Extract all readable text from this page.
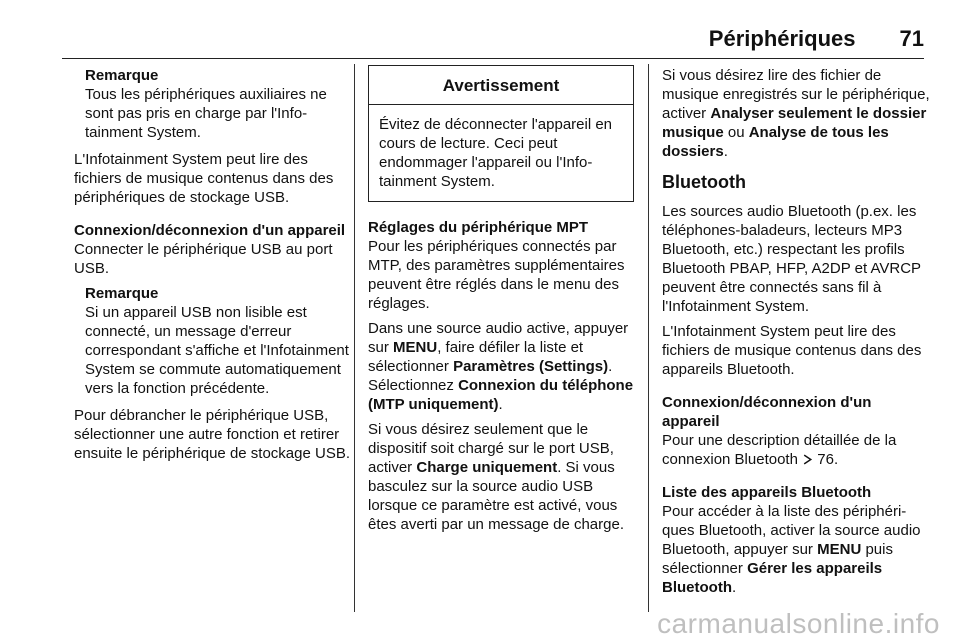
Périphériques 71
Remarque
Tous les périphériques auxiliaires ne sont pas pris en charge par l'Infotainment System.

L'Infotainment System peut lire des fichiers de musique contenus dans des périphériques de stockage USB.

Connexion/déconnexion d'un appareil

Connecter le périphérique USB au port USB.

Remarque
Si un appareil USB non lisible est connecté, un message d'erreur correspondant s'affiche et l'Infotainment System se commute automatiquement vers la fonction précédente.

Pour débrancher le périphérique USB, sélectionner une autre fonction et retirer ensuite le périphérique de stockage USB.

Avertissement
Évitez de déconnecter l'appareil en cours de lecture. Ceci peut endommager l'appareil ou l'Infotainment System.
Réglages du périphérique MPT

Pour les périphériques connectés par MTP, des paramètres supplémentaires peuvent être réglés dans le menu des réglages.

Dans une source audio active, appuyer sur MENU, faire défiler la liste et sélectionner Paramètres (Settings). Sélectionnez Connexion du téléphone (MTP uniquement).

Si vous désirez seulement que le dispositif soit chargé sur le port USB, activer Charge uniquement. Si vous basculez sur la source audio USB lorsque ce paramètre est activé, vous êtes averti par un message de charge.

Si vous désirez lire des fichier de musique enregistrés sur le périphérique, activer Analyser seulement le dossier musique ou Analyse de tous les dossiers.

Bluetooth

Les sources audio Bluetooth (p.ex. les téléphones-baladeurs, lecteurs MP3 Bluetooth, etc.) respectant les profils Bluetooth PBAP, HFP, A2DP et AVRCP peuvent être connectés sans fil à l'Infotainment System.

L'Infotainment System peut lire des fichiers de musique contenus dans des appareils Bluetooth.

Connexion/déconnexion d'un appareil

Pour une description détaillée de la connexion Bluetooth  76.

Liste des appareils Bluetooth

Pour accéder à la liste des périphériques Bluetooth, activer la source audio Bluetooth, appuyer sur MENU puis sélectionner Gérer les appareils Bluetooth.

carmanualsonline.info
